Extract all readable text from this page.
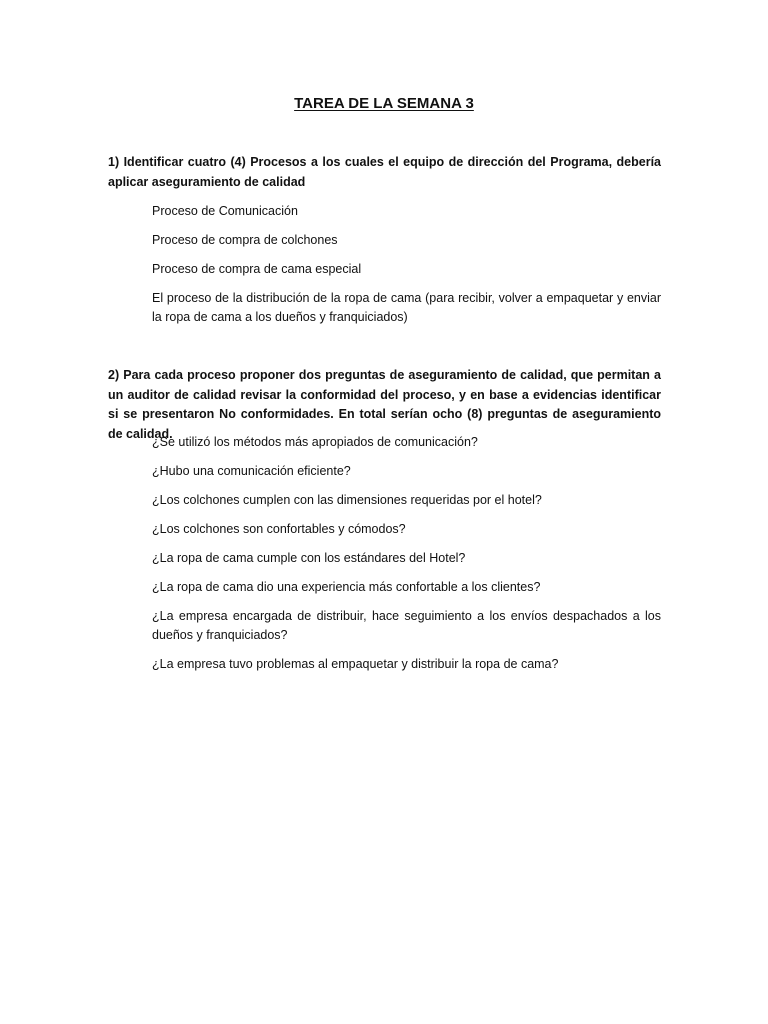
TAREA DE LA SEMANA 3

1) Identificar cuatro (4) Procesos a los cuales el equipo de dirección del Programa, debería aplicar aseguramiento de calidad

Proceso de Comunicación
Proceso de compra de colchones
Proceso de compra de cama especial
El proceso de la distribución de la ropa de cama (para recibir, volver a empaquetar y enviar la ropa de cama a los dueños y franquiciados)

2) Para cada proceso proponer dos preguntas de aseguramiento de calidad, que permitan a un auditor de calidad revisar la conformidad del proceso, y en base a evidencias identificar si se presentaron No conformidades. En total serían ocho (8) preguntas de aseguramiento de calidad.

¿Se utilizó los métodos más apropiados de comunicación?
¿Hubo una comunicación eficiente?
¿Los colchones cumplen con las dimensiones requeridas por el hotel?
¿Los colchones son confortables y cómodos?
¿La ropa de cama cumple con los estándares del Hotel?
¿La ropa de cama dio una experiencia más confortable a los clientes?
¿La empresa encargada de distribuir, hace seguimiento a los envíos despachados a los dueños y franquiciados?
¿La empresa tuvo problemas al empaquetar y distribuir la ropa de cama?
